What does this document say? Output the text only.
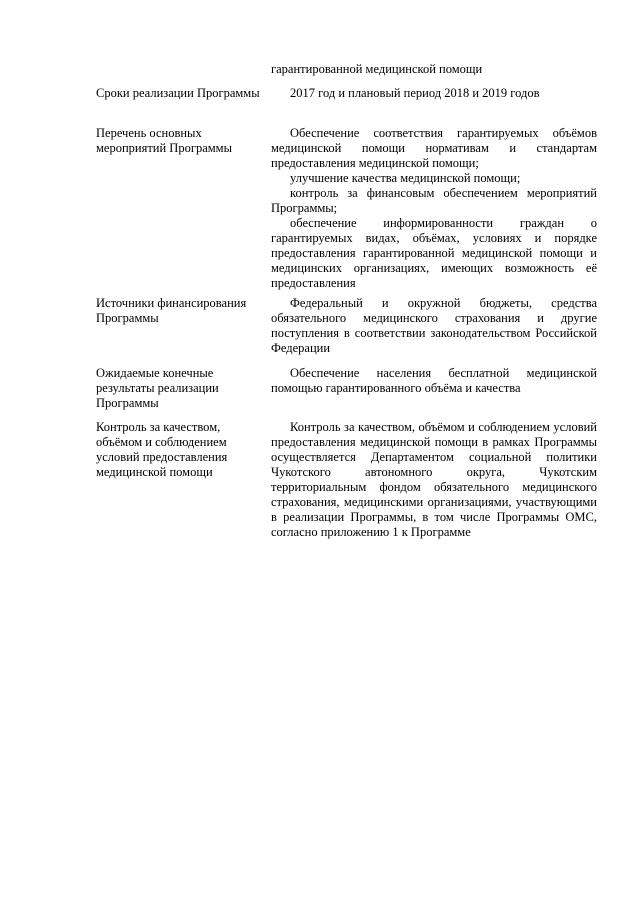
гарантированной медицинской помощи
Сроки реализации Программы	2017 год и плановый период 2018 и 2019 годов

Перечень основных мероприятий Программы

Обеспечение соответствия гарантируемых объёмов медицинской помощи нормативам и стандартам предоставления медицинской помощи;

улучшение качества медицинской помощи;

контроль за финансовым обеспечением мероприятий Программы;

обеспечение информированности граждан о гарантируемых видах, объёмах, условиях и порядке предоставления гарантированной медицинской помощи и медицинских организациях, имеющих возможность её предоставления

Источники финансирования Программы

Федеральный и окружной бюджеты, средства обязательного медицинского страхования и другие поступления в соответствии законодательством Российской Федерации

Ожидаемые конечные результаты реализации Программы

Обеспечение населения бесплатной медицинской помощью гарантированного объёма и качества

Контроль за качеством, объёмом и соблюдением условий предоставления медицинской помощи

Контроль за качеством, объёмом и соблюдением условий предоставления медицинской помощи в рамках Программы осуществляется Департаментом социальной политики Чукотского автономного округа, Чукотским территориальным фондом обязательного медицинского страхования, медицинскими организациями, участвующими в реализации Программы, в том числе Программы ОМС, согласно приложению 1 к Программе
